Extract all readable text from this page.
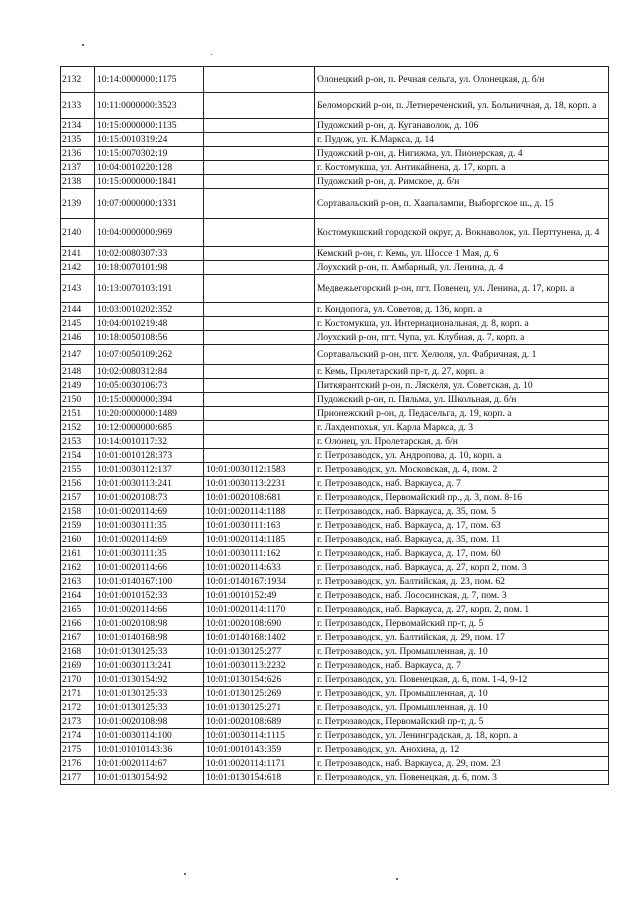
2132	10:14:0000000:1175		Олонецкий р-он, п. Речная сельга, ул. Олонецкая, д. б/н
2133	10:11:0000000:3523		Беломорский р-он, п. Летнереченский, ул. Больничная, д. 18, корп. а
2134	10:15:0000000:1135		Пудожский р-он, д. Куганаволок, д. 106
2135	10:15:0010319:24		г. Пудож, ул. К.Маркса, д. 14
2136	10:15:0070302:19		Пудожский р-он, д. Нигижма, ул. Пионерская, д. 4
2137	10:04:0010220:128		г. Костомукша, ул. Антикайнена, д. 17, корп. а
2138	10:15:0000000:1841		Пудожский р-он, д. Римское, д. б/н
2139	10:07:0000000:1331		Сортавальский р-он, п. Хаапалампи, Выборгское ш., д. 15
2140	10:04:0000000:969		Костомукшский городской округ, д. Вокнаволок, ул. Перттунена, д. 4
2141	10:02:0080307:33		Кемский р-он, г. Кемь, ул. Шоссе 1 Мая, д. 6
2142	10:18:0070101:98		Лоухский р-он, п. Амбарный, ул. Ленина, д. 4
2143	10:13:0070103:191		Медвежьегорский р-он, пгт. Повенец, ул. Ленина, д. 17, корп. а
2144	10:03:0010202:352		г. Кондопога, ул. Советов, д. 136, корп. а
2145	10:04:0010219:48		г. Костомукша, ул. Интернациональная, д. 8, корп. а
2146	10:18:0050108:56		Лоухский р-он, пгт. Чупа, ул. Клубная, д. 7, корп. а
2147	10:07:0050109:262		Сортавальский р-он, пгт. Хелюля, ул. Фабричная, д. 1
2148	10:02:0080312:84		г. Кемь, Пролетарский пр-т, д. 27, корп. а
2149	10:05:0030106:73		Питкярантский р-он, п. Ляскеля, ул. Советская, д. 10
2150	10:15:0000000:394		Пудожский р-он, п. Пяльма, ул. Школьная, д. б/н
2151	10:20:0000000:1489		Прионежский р-он, д. Педасельга, д. 19, корп. а
2152	10:12:0000000:685		г. Лахденпохья, ул. Карла Маркса, д. 3
2153	10:14:0010117:32		г. Олонец, ул. Пролетарская, д. б/н
2154	10:01:0010128:373		г. Петрозаводск, ул. Андропова, д. 10, корп. а
2155	10:01:0030112:137	10:01:0030112:1583	г. Петрозаводск, ул. Московская, д. 4, пом. 2
2156	10:01:0030113:241	10:01:0030113:2231	г. Петрозаводск, наб. Варкауса, д. 7
2157	10:01:0020108:73	10:01:0020108:681	г. Петрозаводск, Первомайский пр., д. 3, пом. 8-16
2158	10:01:0020114:69	10:01:0020114:1188	г. Петрозаводск, наб. Варкауса, д. 35, пом. 5
2159	10:01:0030111:35	10:01:0030111:163	г. Петрозаводск, наб. Варкауса, д. 17, пом. 63
2160	10:01:0020114:69	10:01:0020114:1185	г. Петрозаводск, наб. Варкауса, д. 35, пом. 11
2161	10:01:0030111:35	10:01:0030111:162	г. Петрозаводск, наб. Варкауса, д. 17, пом. 60
2162	10:01:0020114:66	10:01:0020114:633	г. Петрозаводск, наб. Варкауса, д. 27, корп 2, пом. 3
2163	10:01:0140167:100	10:01:0140167:1934	г. Петрозаводск, ул. Балтийская, д. 23, пом. 62
2164	10:01:0010152:33	10:01:0010152:49	г. Петрозаводск, наб. Лососинская, д. 7, пом. 3
2165	10:01:0020114:66	10:01:0020114:1170	г. Петрозаводск, наб. Варкауса, д. 27, корп. 2, пом. 1
2166	10:01:0020108:98	10:01:0020108:690	г. Петрозаводск, Первомайский пр-т, д. 5
2167	10:01:0140168:98	10:01:0140168:1402	г. Петрозаводск, ул. Балтийская, д. 29, пом. 17
2168	10:01:0130125:33	10:01:0130125:277	г. Петрозаводск, ул. Промышленная, д. 10
2169	10:01:0030113:241	10:01:0030113:2232	г. Петрозаводск, наб. Варкауса, д. 7
2170	10:01:0130154:92	10:01:0130154:626	г. Петрозаводск, ул. Повенецкая, д. 6, пом. 1-4, 9-12
2171	10:01:0130125:33	10:01:0130125:269	г. Петрозаводск, ул. Промышленная, д. 10
2172	10:01:0130125:33	10:01:0130125:271	г. Петрозаводск, ул. Промышленная, д. 10
2173	10:01:0020108:98	10:01:0020108:689	г. Петрозаводск, Первомайский пр-т, д. 5
2174	10:01:0030114:100	10:01:0030114:1115	г. Петрозаводск, ул. Ленинградская, д. 18, корп. а
2175	10:01:01010143:36	10:01:0010143:359	г. Петрозаводск, ул. Анохина, д. 12
2176	10:01:0020114:67	10:01:0020114:1171	г. Петрозаводск, наб. Варкауса, д. 29, пом. 23
2177	10:01:0130154:92	10:01:0130154:618	г. Петрозаводск, ул. Повенецкая, д. 6, пом. 3
